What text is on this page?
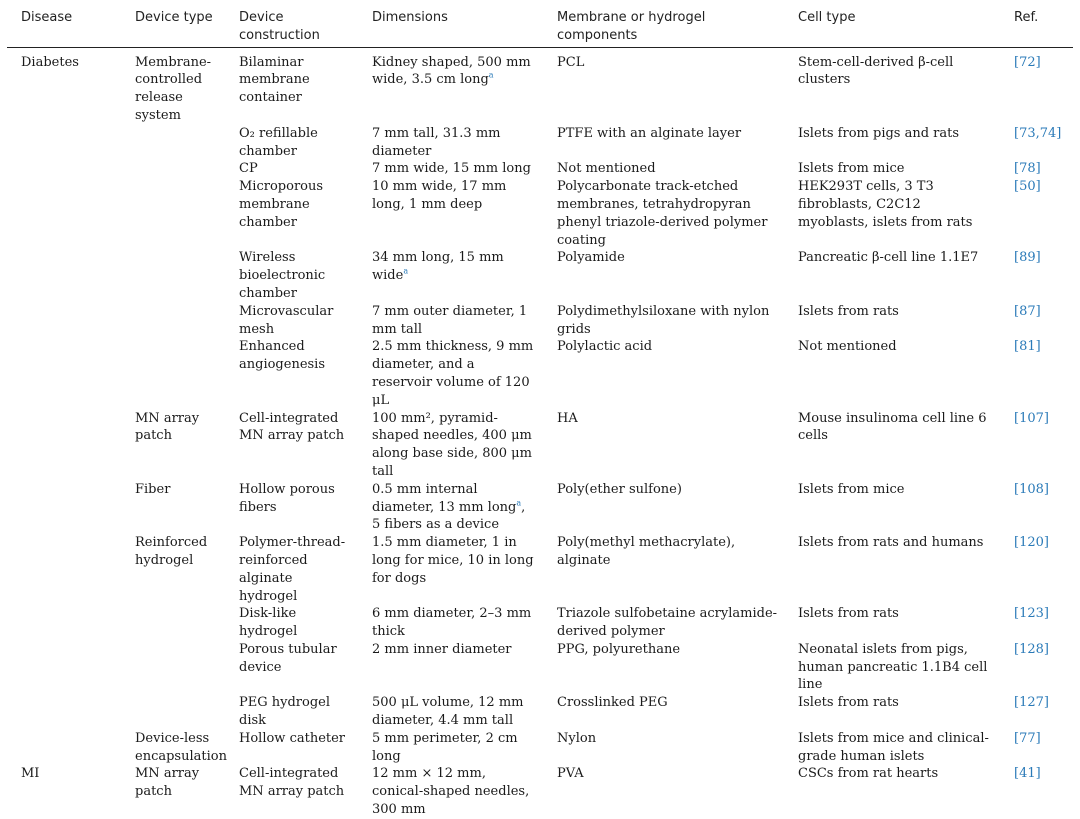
Disease	Device type	Device construction	Dimensions	Membrane or hydrogel components	Cell type	Ref.
Diabetes	Membrane-controlled release system	Bilaminar membrane container	Kidney shaped, 500 mm wide, 3.5 cm long$^a$	PCL	Stem-cell-derived β-cell clusters	[72]
		O₂ refillable chamber	7 mm tall, 31.3 mm diameter	PTFE with an alginate layer	Islets from pigs and rats	[73,74]
		CP	7 mm wide, 15 mm long	Not mentioned	Islets from mice	[78]
		Microporous membrane chamber	10 mm wide, 17 mm long, 1 mm deep	Polycarbonate track-etched membranes, tetrahydropyran phenyl triazole-derived polymer coating	HEK293T cells, 3 T3 fibroblasts, C2C12 myoblasts, islets from rats	[50]
		Wireless bioelectronic chamber	34 mm long, 15 mm wide$^a$	Polyamide	Pancreatic β-cell line 1.1E7	[89]
		Microvascular mesh	7 mm outer diameter, 1 mm tall	Polydimethylsiloxane with nylon grids	Islets from rats	[87]
		Enhanced angiogenesis	2.5 mm thickness, 9 mm diameter, and a reservoir volume of 120 μL	Polylactic acid	Not mentioned	[81]
	MN array patch	Cell-integrated MN array patch	100 mm², pyramid-shaped needles, 400 μm along base side, 800 μm tall	HA	Mouse insulinoma cell line 6 cells	[107]
	Fiber	Hollow porous fibers	0.5 mm internal diameter, 13 mm long$^a$, 5 fibers as a device	Poly(ether sulfone)	Islets from mice	[108]
	Reinforced hydrogel	Polymer-thread-reinforced alginate hydrogel	1.5 mm diameter, 1 in long for mice, 10 in long for dogs	Poly(methyl methacrylate), alginate	Islets from rats and humans	[120]
		Disk-like hydrogel	6 mm diameter, 2–3 mm thick	Triazole sulfobetaine acrylamide-derived polymer	Islets from rats	[123]
		Porous tubular device	2 mm inner diameter	PPG, polyurethane	Neonatal islets from pigs, human pancreatic 1.1B4 cell line	[128]
		PEG hydrogel disk	500 μL volume, 12 mm diameter, 4.4 mm tall	Crosslinked PEG	Islets from rats	[127]
	Device-less encapsulation	Hollow catheter	5 mm perimeter, 2 cm long	Nylon	Islets from mice and clinical-grade human islets	[77]
MI	MN array patch	Cell-integrated MN array patch	12 mm × 12 mm, conical-shaped needles, 300 mm	PVA	CSCs from rat hearts	[41]
